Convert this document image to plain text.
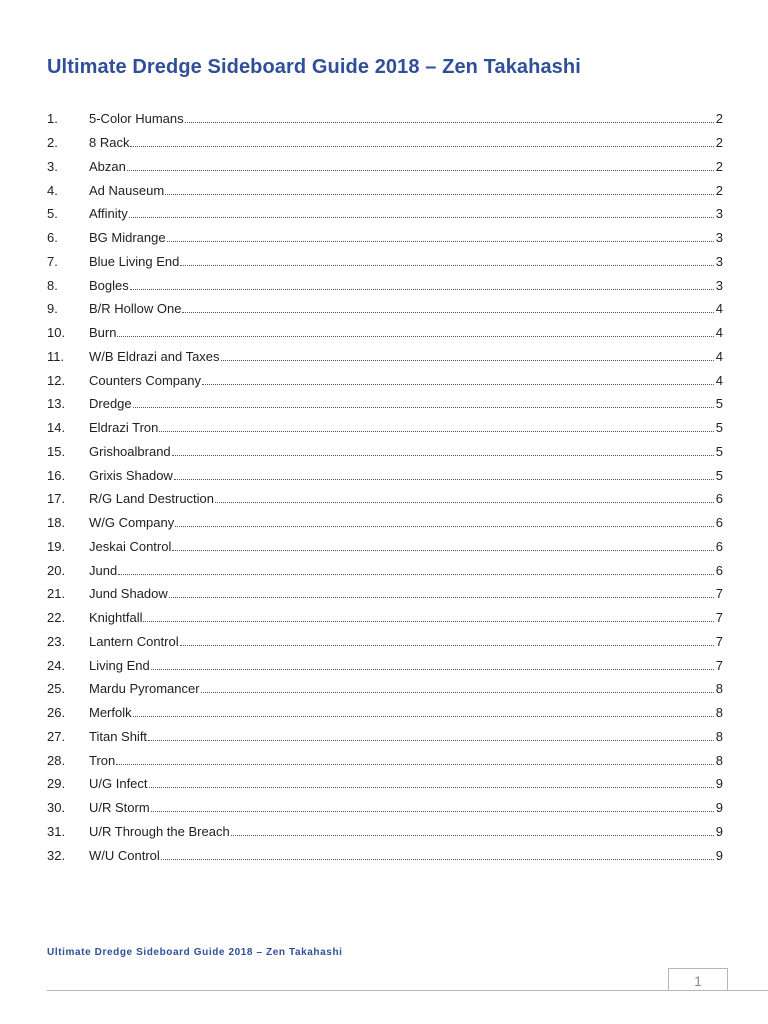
Ultimate Dredge Sideboard Guide 2018 – Zen Takahashi
1.	5-Color Humans	2
2.	8 Rack	2
3.	Abzan	2
4.	Ad Nauseum	2
5.	Affinity	3
6.	BG Midrange	3
7.	Blue Living End	3
8.	Bogles	3
9.	B/R Hollow One	4
10.	Burn	4
11.	W/B Eldrazi and Taxes	4
12.	Counters Company	4
13.	Dredge	5
14.	Eldrazi Tron	5
15.	Grishoalbrand	5
16.	Grixis Shadow	5
17.	R/G Land Destruction	6
18.	W/G Company	6
19.	Jeskai Control	6
20.	Jund	6
21.	Jund Shadow	7
22.	Knightfall	7
23.	Lantern Control	7
24.	Living End	7
25.	Mardu Pyromancer	8
26.	Merfolk	8
27.	Titan Shift	8
28.	Tron	8
29.	U/G Infect	9
30.	U/R Storm	9
31.	U/R Through the Breach	9
32.	W/U Control	9
Ultimate Dredge Sideboard Guide 2018 – Zen Takahashi
1
